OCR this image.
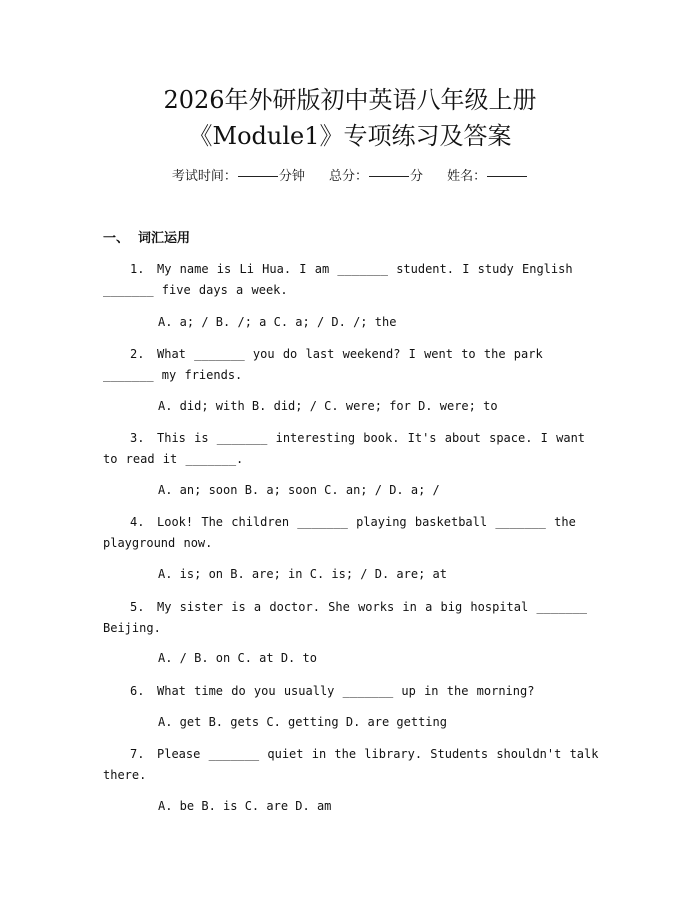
2026年外研版初中英语八年级上册
《Module1》专项练习及答案
考试时间：	分钟 总分：	分 姓名：
一、 词汇运用
1. My name is Li Hua. I am _______ student. I study English _______ five days a week.
A. a; / B. /; a C. a; / D. /; the
2. What _______ you do last weekend? I went to the park _______ my friends.
A. did; with B. did; / C. were; for D. were; to
3. This is _______ interesting book. It's about space. I want to read it _______.
A. an; soon B. a; soon C. an; / D. a; /
4. Look! The children _______ playing basketball _______ the playground now.
A. is; on B. are; in C. is; / D. are; at
5. My sister is a doctor. She works in a big hospital _______ Beijing.
A. / B. on C. at D. to
6. What time do you usually _______ up in the morning?
A. get B. gets C. getting D. are getting
7. Please _______ quiet in the library. Students shouldn't talk there.
A. be B. is C. are D. am
